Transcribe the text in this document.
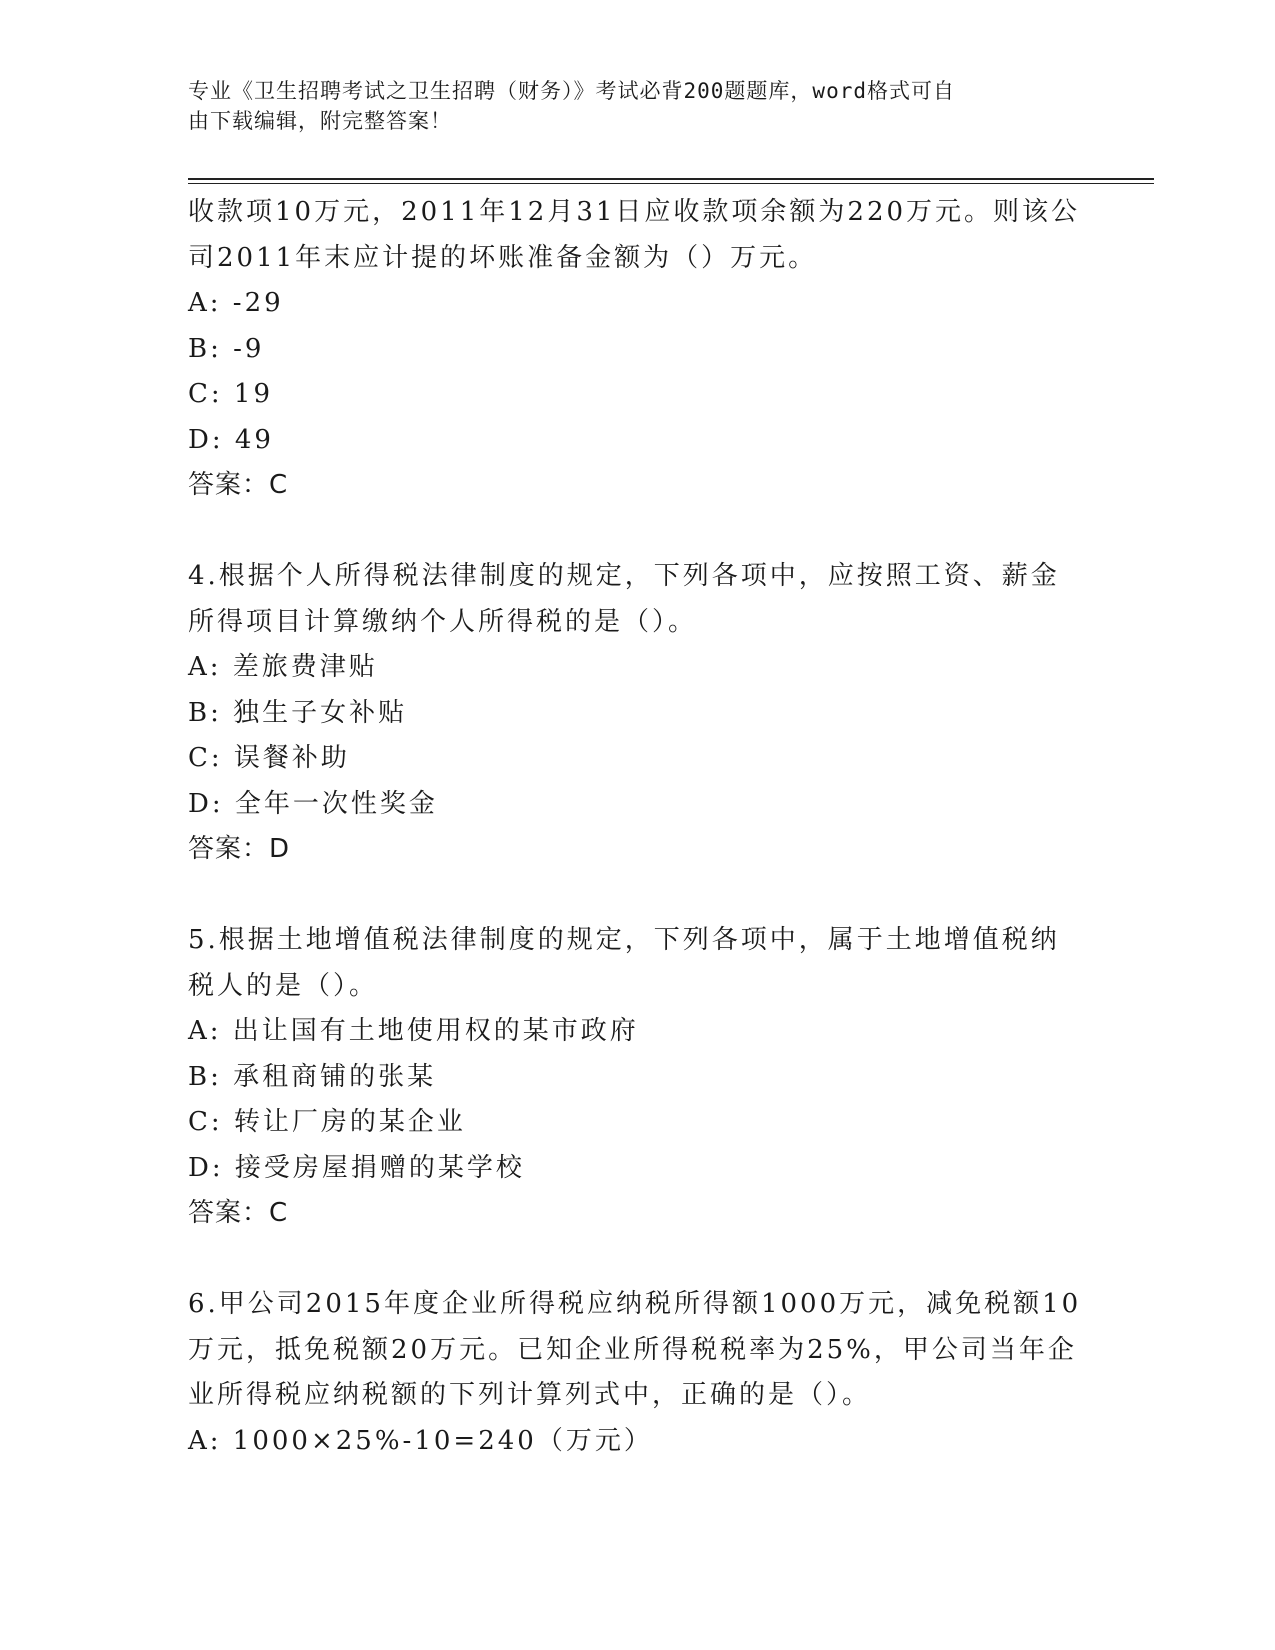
专业《卫生招聘考试之卫生招聘（财务）》考试必背200题题库，word格式可自
由下载编辑，附完整答案！
收款项10万元，2011年12月31日应收款项余额为220万元。则该公
司2011年末应计提的坏账准备金额为（）万元。
A: -29
B: -9
C: 19
D: 49
答案：C
4.根据个人所得税法律制度的规定，下列各项中，应按照工资、薪金
所得项目计算缴纳个人所得税的是（）。
A: 差旅费津贴
B: 独生子女补贴
C: 误餐补助
D: 全年一次性奖金
答案：D
5.根据土地增值税法律制度的规定，下列各项中，属于土地增值税纳
税人的是（）。
A: 出让国有土地使用权的某市政府
B: 承租商铺的张某
C: 转让厂房的某企业
D: 接受房屋捐赠的某学校
答案：C
6.甲公司2015年度企业所得税应纳税所得额1000万元，减免税额10
万元，抵免税额20万元。已知企业所得税税率为25%，甲公司当年企
业所得税应纳税额的下列计算列式中，正确的是（）。
A: 1000×25%-10=240（万元）
